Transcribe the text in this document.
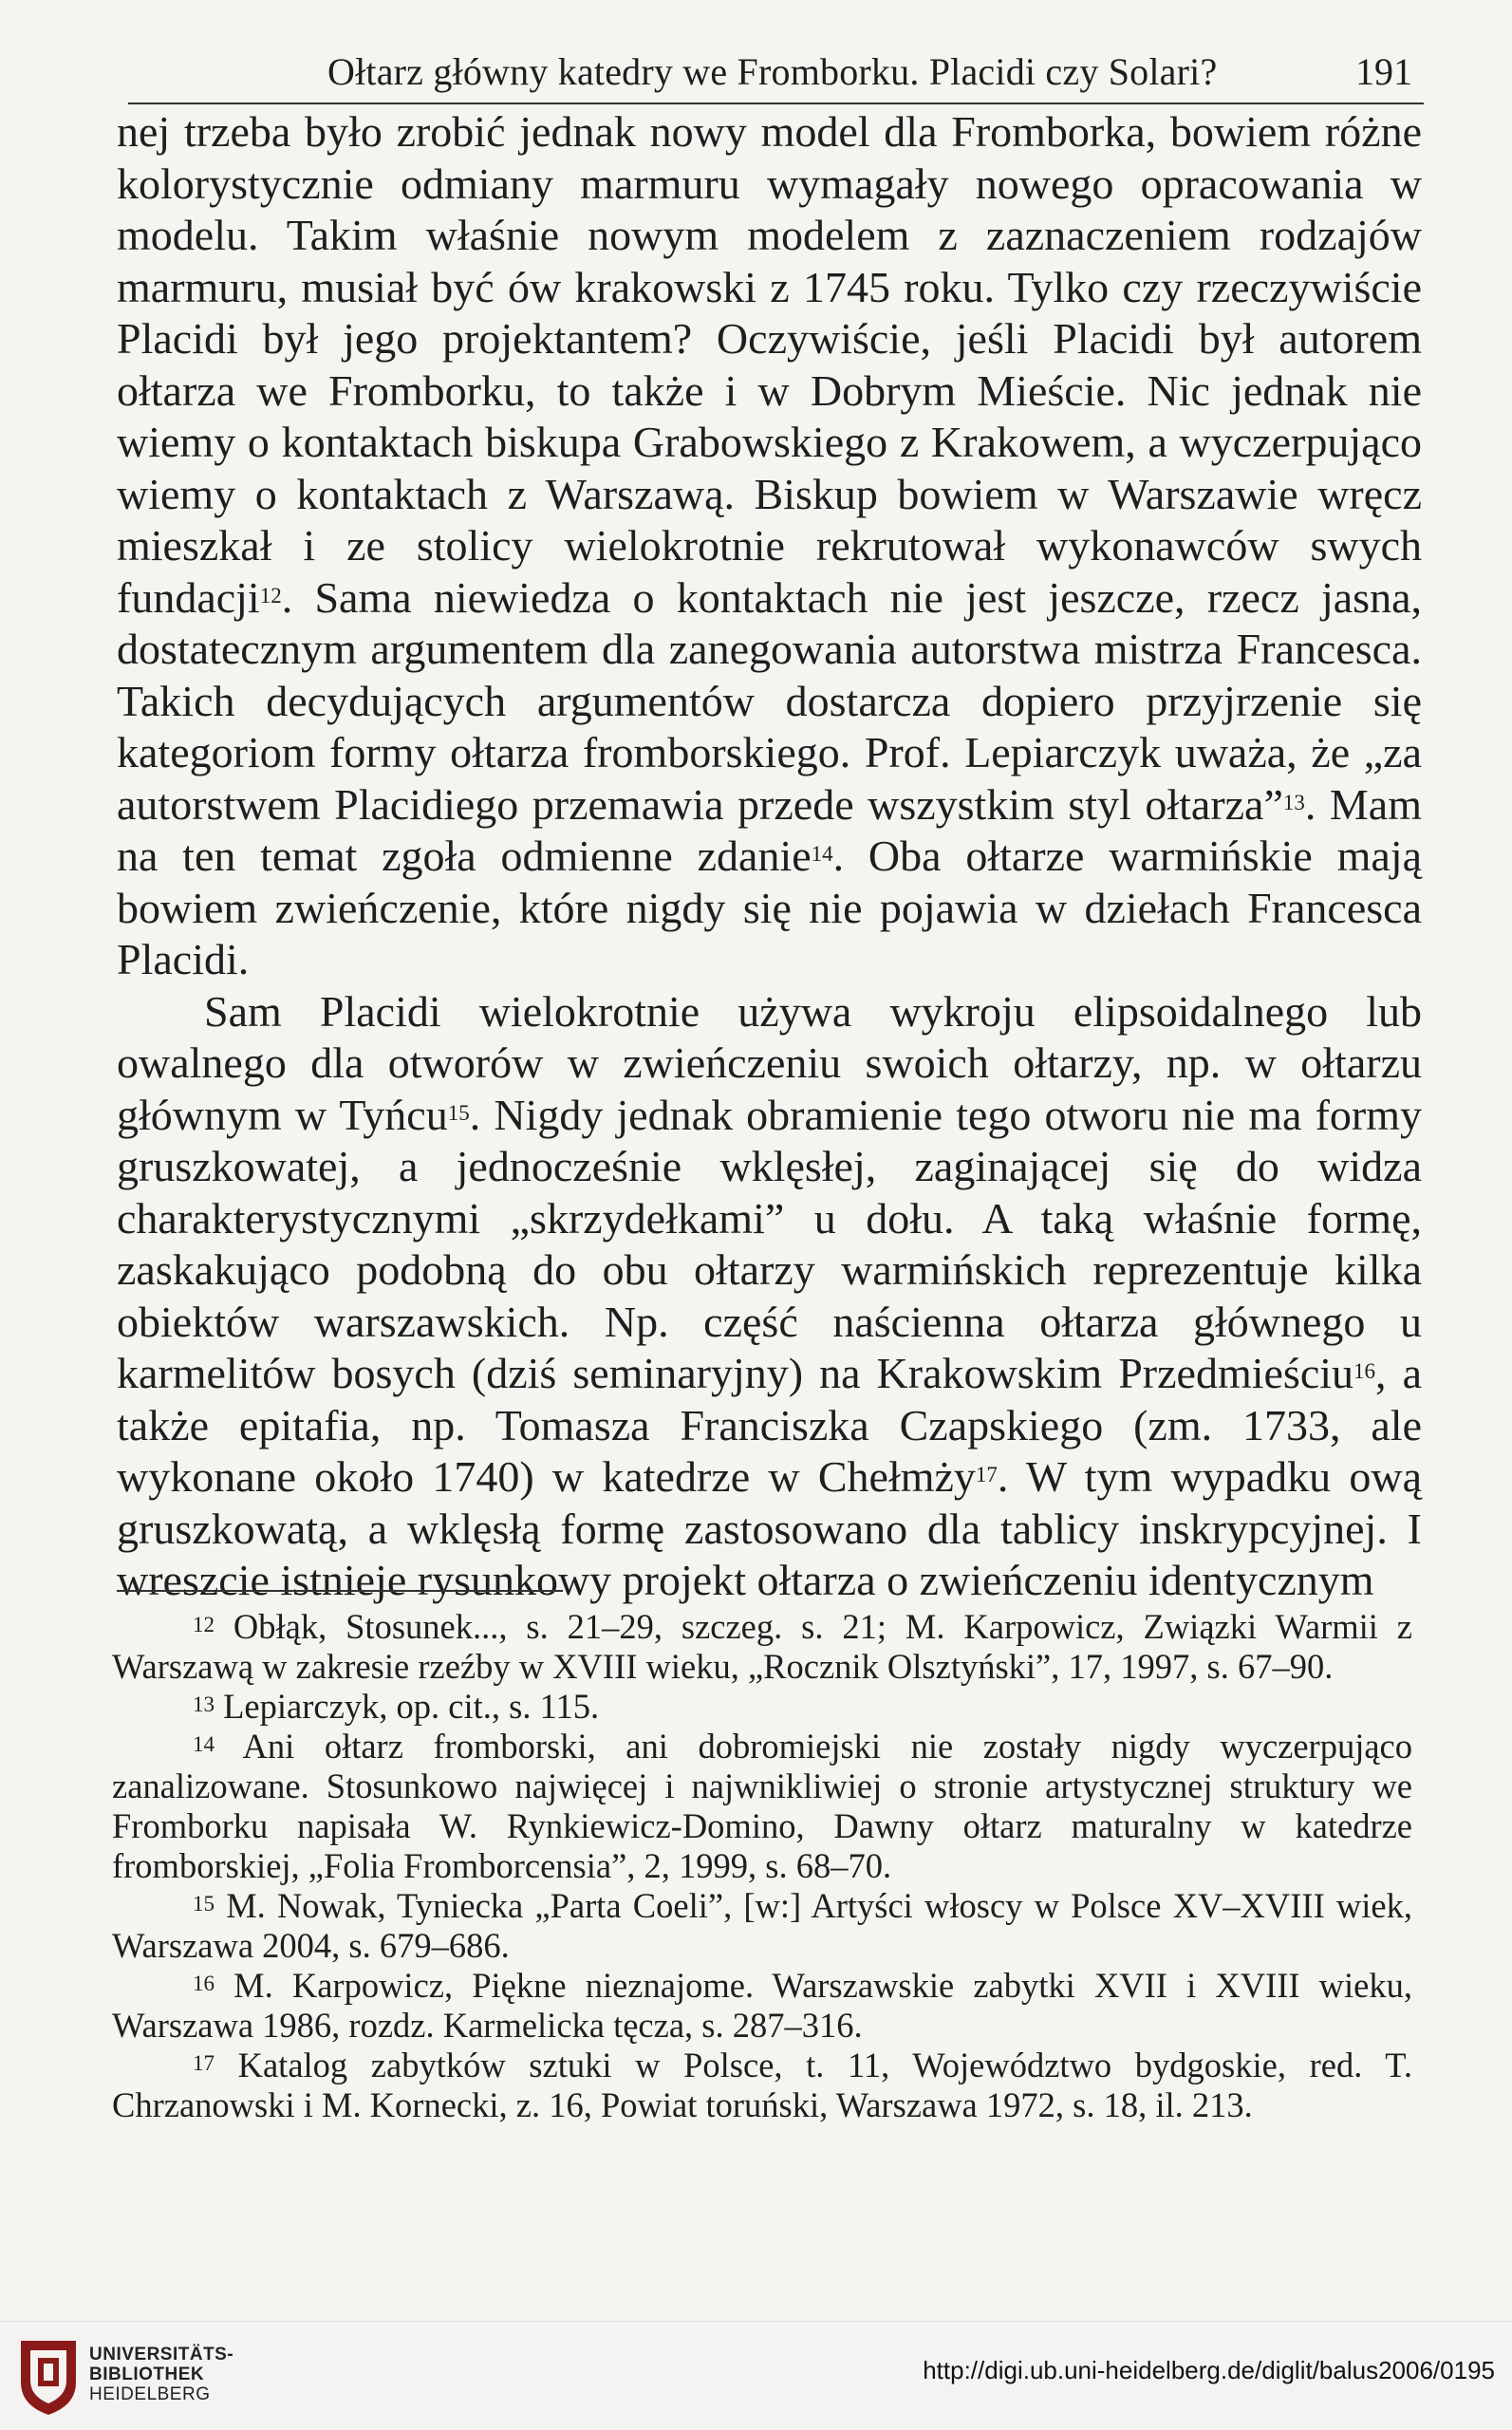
Ołtarz główny katedry we Fromborku. Placidi czy Solari?	191

nej trzeba było zrobić jednak nowy model dla Fromborka, bowiem różne kolorystycznie odmiany marmuru wymagały nowego opracowania w modelu. Takim właśnie nowym modelem z zaznaczeniem rodzajów marmuru, musiał być ów krakowski z 1745 roku. Tylko czy rzeczywiście Placidi był jego projektantem? Oczywiście, jeśli Placidi był autorem ołtarza we Fromborku, to także i w Dobrym Mieście. Nic jednak nie wiemy o kontaktach biskupa Grabowskiego z Krakowem, a wyczerpująco wiemy o kontaktach z Warszawą. Biskup bowiem w Warszawie wręcz mieszkał i ze stolicy wielokrotnie rekrutował wykonawców swych fundacji$^{12}$. Sama niewiedza o kontaktach nie jest jeszcze, rzecz jasna, dostatecznym argumentem dla zanegowania autorstwa mistrza Francesca. Takich decydujących argumentów dostarcza dopiero przyjrzenie się kategoriom formy ołtarza fromborskiego. Prof. Lepiarczyk uważa, że „za autorstwem Placidiego przemawia przede wszystkim styl ołtarza”$^{13}$. Mam na ten temat zgoła odmienne zdanie$^{14}$. Oba ołtarze warmińskie mają bowiem zwieńczenie, które nigdy się nie pojawia w dziełach Francesca Placidi.

Sam Placidi wielokrotnie używa wykroju elipsoidalnego lub owalnego dla otworów w zwieńczeniu swoich ołtarzy, np. w ołtarzu głównym w Tyńcu$^{15}$. Nigdy jednak obramienie tego otworu nie ma formy gruszkowatej, a jednocześnie wklęsłej, zaginającej się do widza charakterystycznymi „skrzydełkami” u dołu. A taką właśnie formę, zaskakująco podobną do obu ołtarzy warmińskich reprezentuje kilka obiektów warszawskich. Np. część naścienna ołtarza głównego u karmelitów bosych (dziś seminaryjny) na Krakowskim Przedmieściu$^{16}$, a także epitafia, np. Tomasza Franciszka Czapskiego (zm. 1733, ale wykonane około 1740) w katedrze w Chełmży$^{17}$. W tym wypadku ową gruszkowatą, a wklęsłą formę zastosowano dla tablicy inskrypcyjnej. I wreszcie istnieje rysunkowy projekt ołtarza o zwieńczeniu identycznym

$^{12}$ Obłąk, Stosunek..., s. 21–29, szczeg. s. 21; M. Karpowicz, Związki Warmii z Warszawą w zakresie rzeźby w XVIII wieku, „Rocznik Olsztyński”, 17, 1997, s. 67–90.

$^{13}$ Lepiarczyk, op. cit., s. 115.

$^{14}$ Ani ołtarz fromborski, ani dobromiejski nie zostały nigdy wyczerpująco zanalizowane. Stosunkowo najwięcej i najwnikliwiej o stronie artystycznej struktury we Fromborku napisała W. Rynkiewicz-Domino, Dawny ołtarz maturalny w katedrze fromborskiej, „Folia Fromborcensia”, 2, 1999, s. 68–70.

$^{15}$ M. Nowak, Tyniecka „Parta Coeli”, [w:] Artyści włoscy w Polsce XV–XVIII wiek, Warszawa 2004, s. 679–686.

$^{16}$ M. Karpowicz, Piękne nieznajome. Warszawskie zabytki XVII i XVIII wieku, Warszawa 1986, rozdz. Karmelicka tęcza, s. 287–316.

$^{17}$ Katalog zabytków sztuki w Polsce, t. 11, Województwo bydgoskie, red. T. Chrzanowski i M. Kornecki, z. 16, Powiat toruński, Warszawa 1972, s. 18, il. 213.

UNIVERSITÄTS-
BIBLIOTHEK
HEIDELBERG
http://digi.ub.uni-heidelberg.de/diglit/balus2006/0195
